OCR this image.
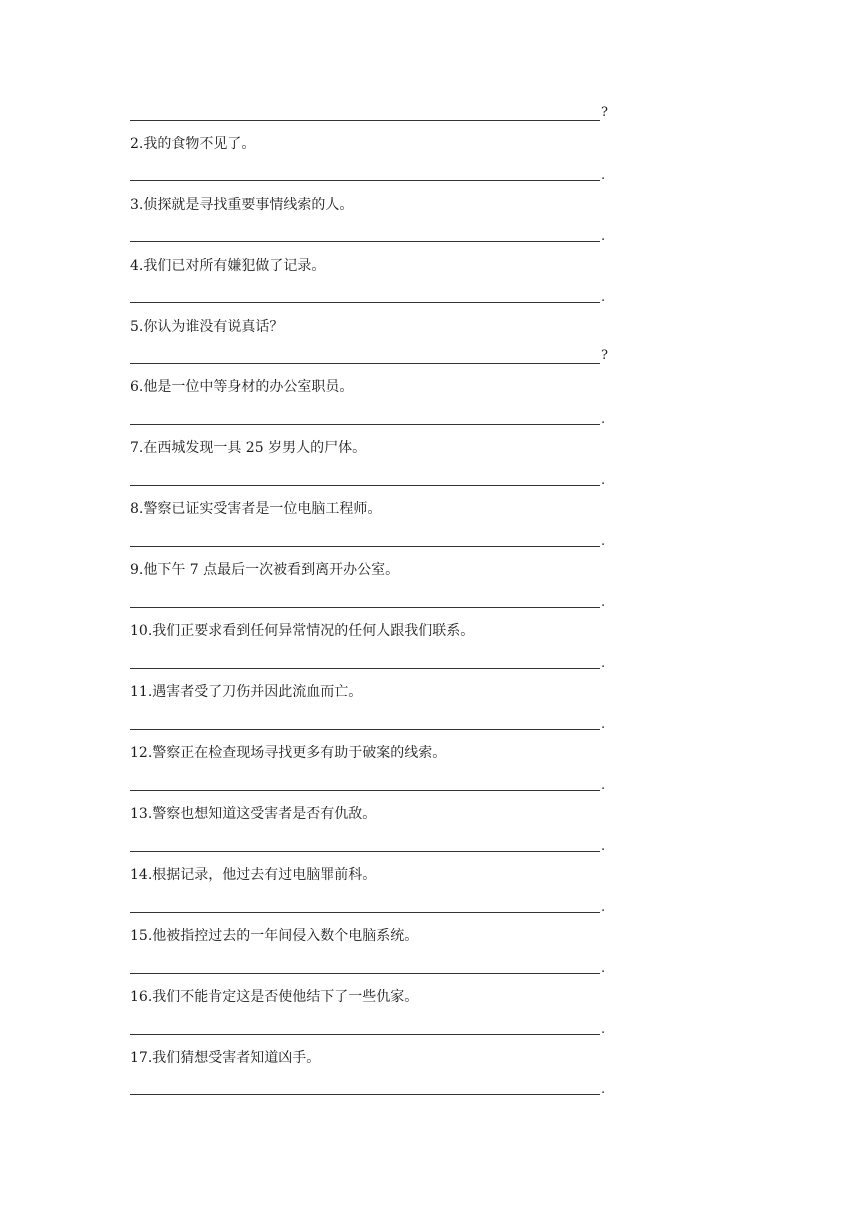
?
2.我的食物不见了。
.
3.侦探就是寻找重要事情线索的人。
.
4.我们已对所有嫌犯做了记录。
.
5.你认为谁没有说真话？
?
6.他是一位中等身材的办公室职员。
.
7.在西城发现一具 25 岁男人的尸体。
.
8.警察已证实受害者是一位电脑工程师。
.
9.他下午 7 点最后一次被看到离开办公室。
.
10.我们正要求看到任何异常情况的任何人跟我们联系。
.
11.遇害者受了刀伤并因此流血而亡。
.
12.警察正在检查现场寻找更多有助于破案的线索。
.
13.警察也想知道这受害者是否有仇敌。
.
14.根据记录，他过去有过电脑罪前科。
.
15.他被指控过去的一年间侵入数个电脑系统。
.
16.我们不能肯定这是否使他结下了一些仇家。
.
17.我们猜想受害者知道凶手。
.
